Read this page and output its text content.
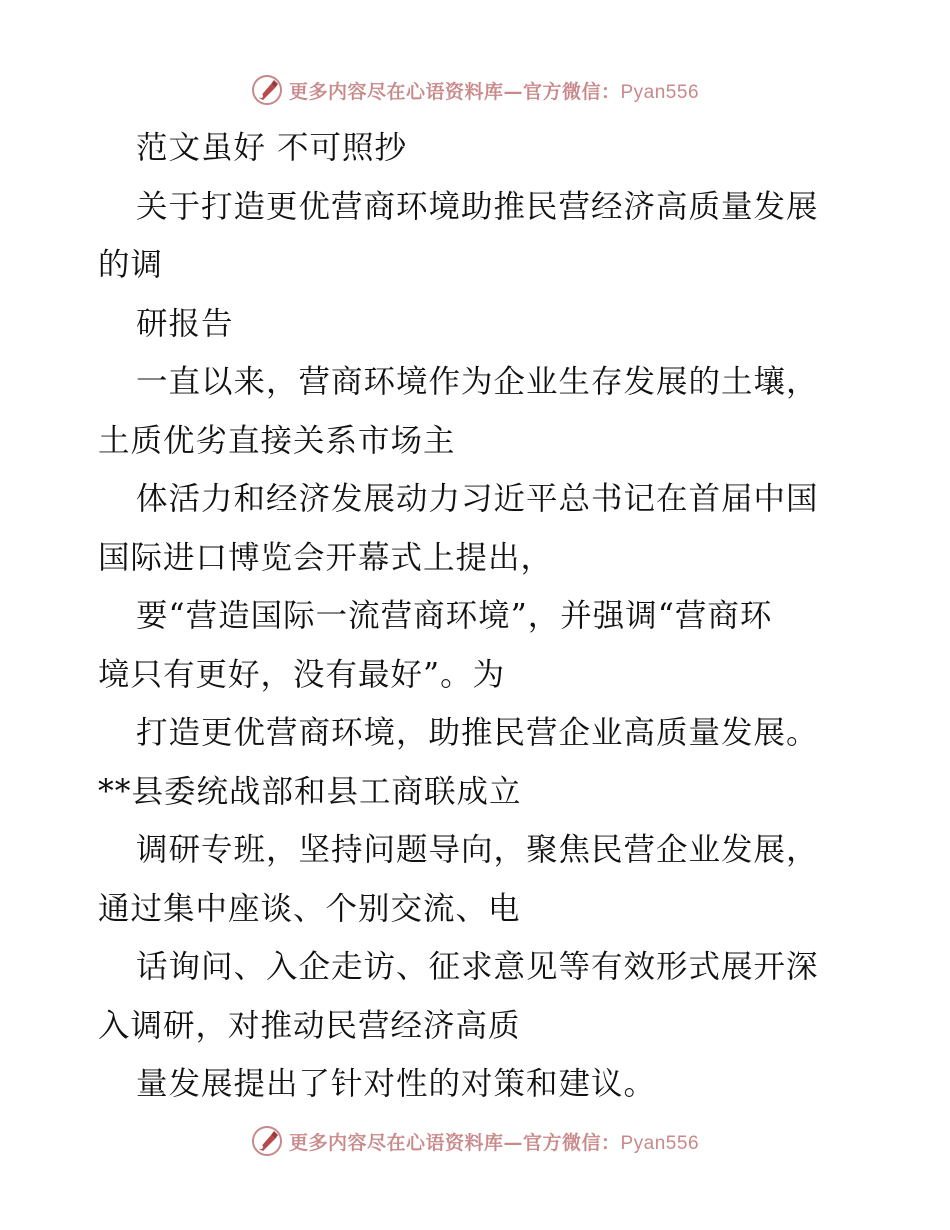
更多内容尽在心语资料库—官方微信：Pyan556
范文虽好 不可照抄
关于打造更优营商环境助推民营经济高质量发展
的调
研报告
一直以来，营商环境作为企业生存发展的土壤，
土质优劣直接关系市场主
体活力和经济发展动力习近平总书记在首届中国
国际进口博览会开幕式上提出，
要“营造国际一流营商环境”，并强调“营商环
境只有更好，没有最好”。为
打造更优营商环境，助推民营企业高质量发展。
**县委统战部和县工商联成立
调研专班，坚持问题导向，聚焦民营企业发展，
通过集中座谈、个别交流、电
话询问、入企走访、征求意见等有效形式展开深
入调研，对推动民营经济高质
量发展提出了针对性的对策和建议。
更多内容尽在心语资料库—官方微信：Pyan556
